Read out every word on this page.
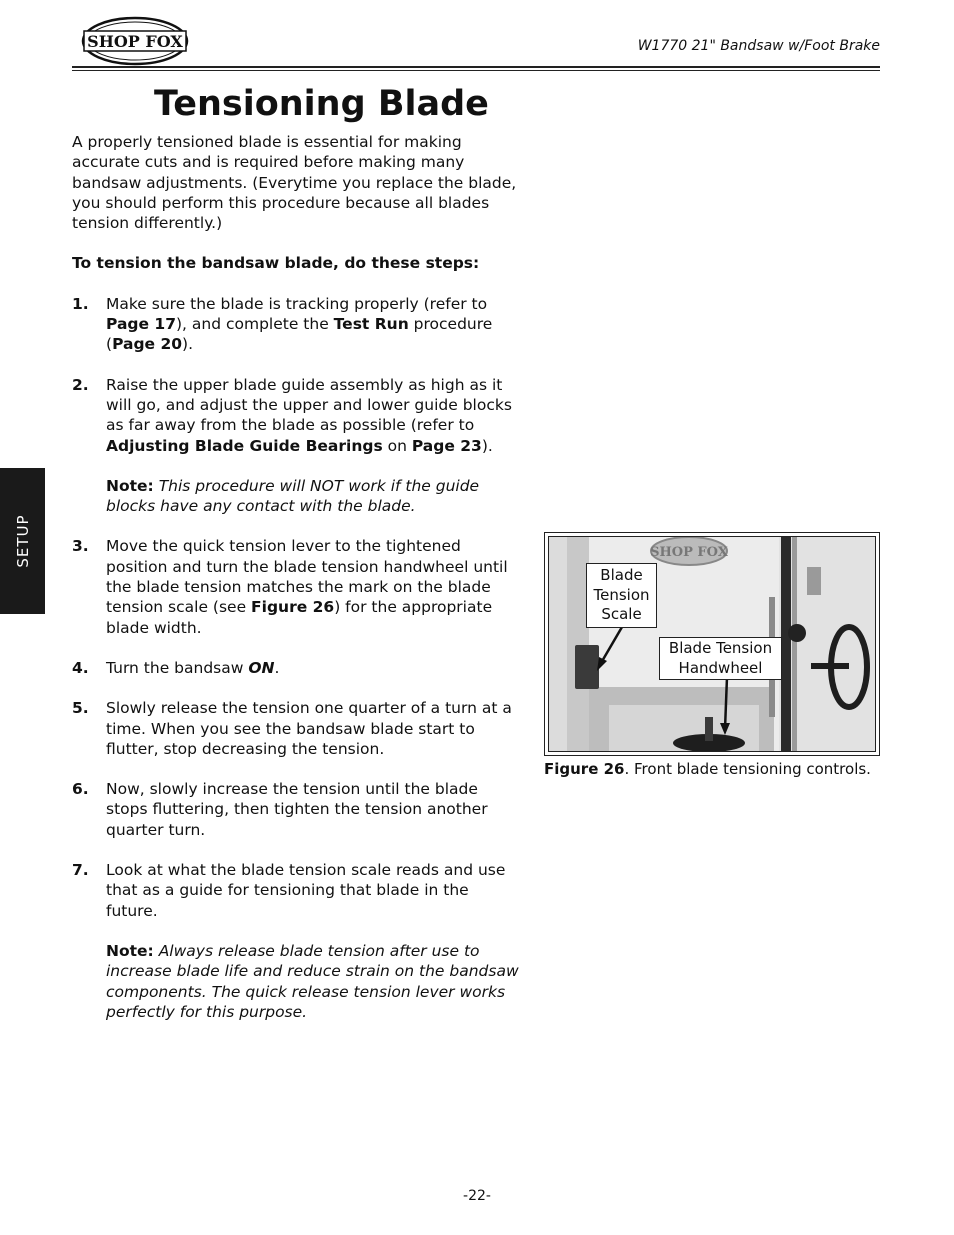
SHOP FOX	W1770 21" Bandsaw w/Foot Brake
SETUP
Tensioning Blade

A properly tensioned blade is essential for making accurate cuts and is required before making many bandsaw adjustments. (Everytime you replace the blade, you should perform this procedure because all blades tension differently.)

To tension the bandsaw blade, do these steps:

1.	Make sure the blade is tracking properly (refer to Page 17), and complete the Test Run procedure (Page 20).

2.	Raise the upper blade guide assembly as high as it will go, and adjust the upper and lower guide blocks as far away from the blade as possible (refer to Adjusting Blade Guide Bearings on Page 23).

Note: This procedure will NOT work if the guide blocks have any contact with the blade.

3.	Move the quick tension lever to the tightened position and turn the blade tension handwheel until the blade tension matches the mark on the blade tension scale (see Figure 26) for the appropriate blade width.

4.	Turn the bandsaw ON.

5.	Slowly release the tension one quarter of a turn at a time. When you see the bandsaw blade start to flutter, stop decreasing the tension.

6.	Now, slowly increase the tension until the blade stops fluttering, then tighten the tension another quarter turn.

7.	Look at what the blade tension scale reads and use that as a guide for tensioning that blade in the future.

Note: Always release blade tension after use to increase blade life and reduce strain on the bandsaw components. The quick release tension lever works perfectly for this purpose.

SHOP FOX
Blade Tension Scale
Blade Tension Handwheel
Figure 26. Front blade tensioning controls.
-22-
